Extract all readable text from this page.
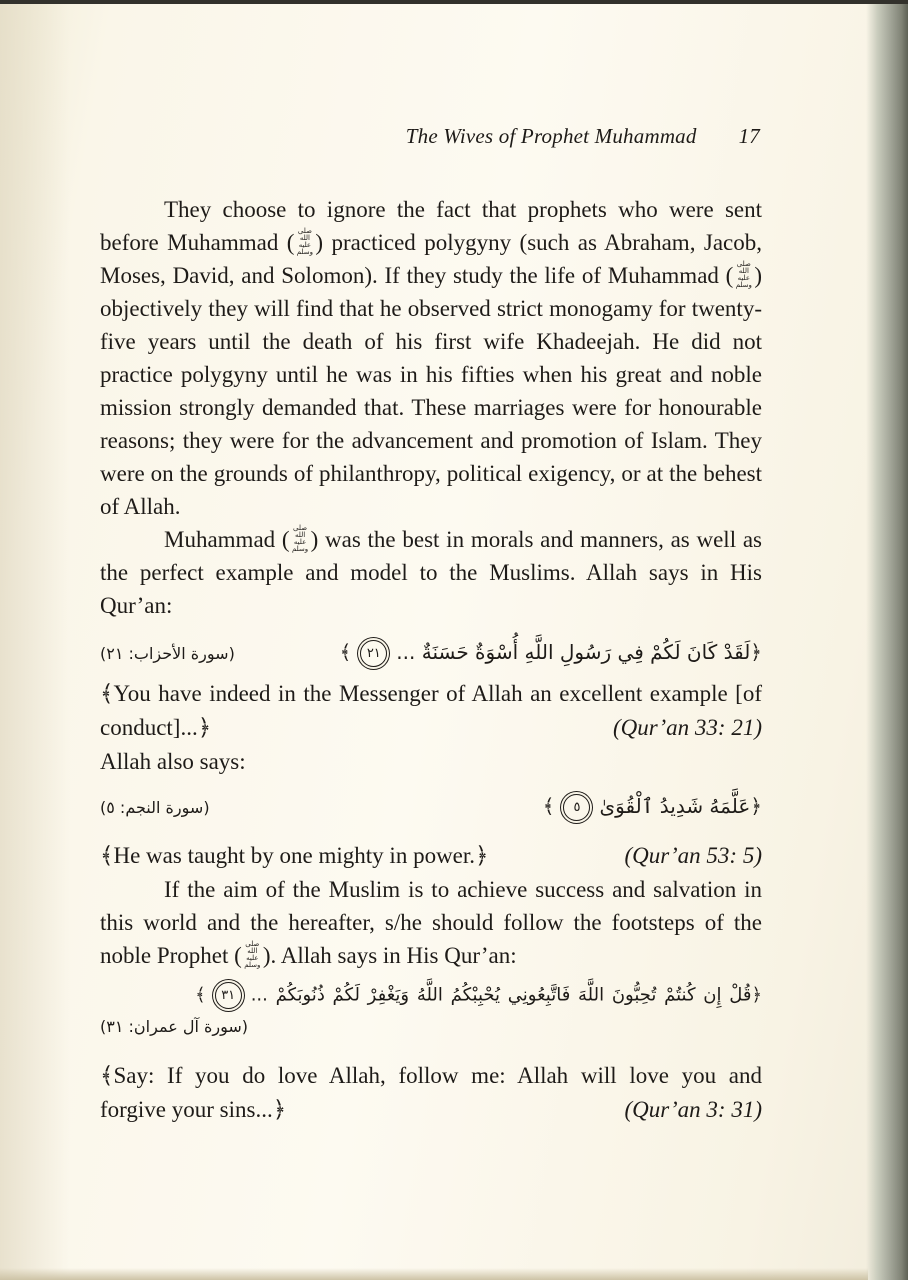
The Wives of Prophet Muhammad 17

They choose to ignore the fact that prophets who were sent before Muhammad ( صلى الله عليه وسلم ) practiced polygyny (such as Abraham, Jacob, Moses, David, and Solomon). If they study the life of Muhammad ( صلى الله عليه وسلم ) objectively they will find that he observed strict monogamy for twenty-five years until the death of his first wife Khadeejah. He did not practice polygyny until he was in his fifties when his great and noble mission strongly demanded that. These marriages were for honourable reasons; they were for the advancement and promotion of Islam. They were on the grounds of philanthropy, political exigency, or at the behest of Allah.

Muhammad ( صلى الله عليه وسلم ) was the best in morals and manners, as well as the perfect example and model to the Muslims. Allah says in His Qur’an:

(سورة الأحزاب: ٢١)	﴿لَقَدْ كَانَ لَكُمْ فِي رَسُولِ اللَّهِ أُسْوَةٌ حَسَنَةٌ ...٢١﴾
﴾You have indeed in the Messenger of Allah an excellent example [of
conduct]...﴿	(Qur’an 33: 21)

Allah also says:

(سورة النجم: ٥)	﴿عَلَّمَهُ شَدِيدُ ٱلْقُوَىٰ٥﴾
﴾He was taught by one mighty in power.﴿	(Qur’an 53: 5)

If the aim of the Muslim is to achieve success and salvation in this world and the hereafter, s/he should follow the footsteps of the noble Prophet ( صلى الله عليه وسلم ). Allah says in His Qur’an:

﴿قُلْ إِن كُنتُمْ تُحِبُّونَ اللَّهَ فَاتَّبِعُونِي يُحْبِبْكُمُ اللَّهُ وَيَغْفِرْ لَكُمْ ذُنُوبَكُمْ ...٣١﴾
(سورة آل عمران: ٣١)
﴾Say: If you do love Allah, follow me: Allah will love you and
forgive your sins...﴿	(Qur’an 3: 31)
